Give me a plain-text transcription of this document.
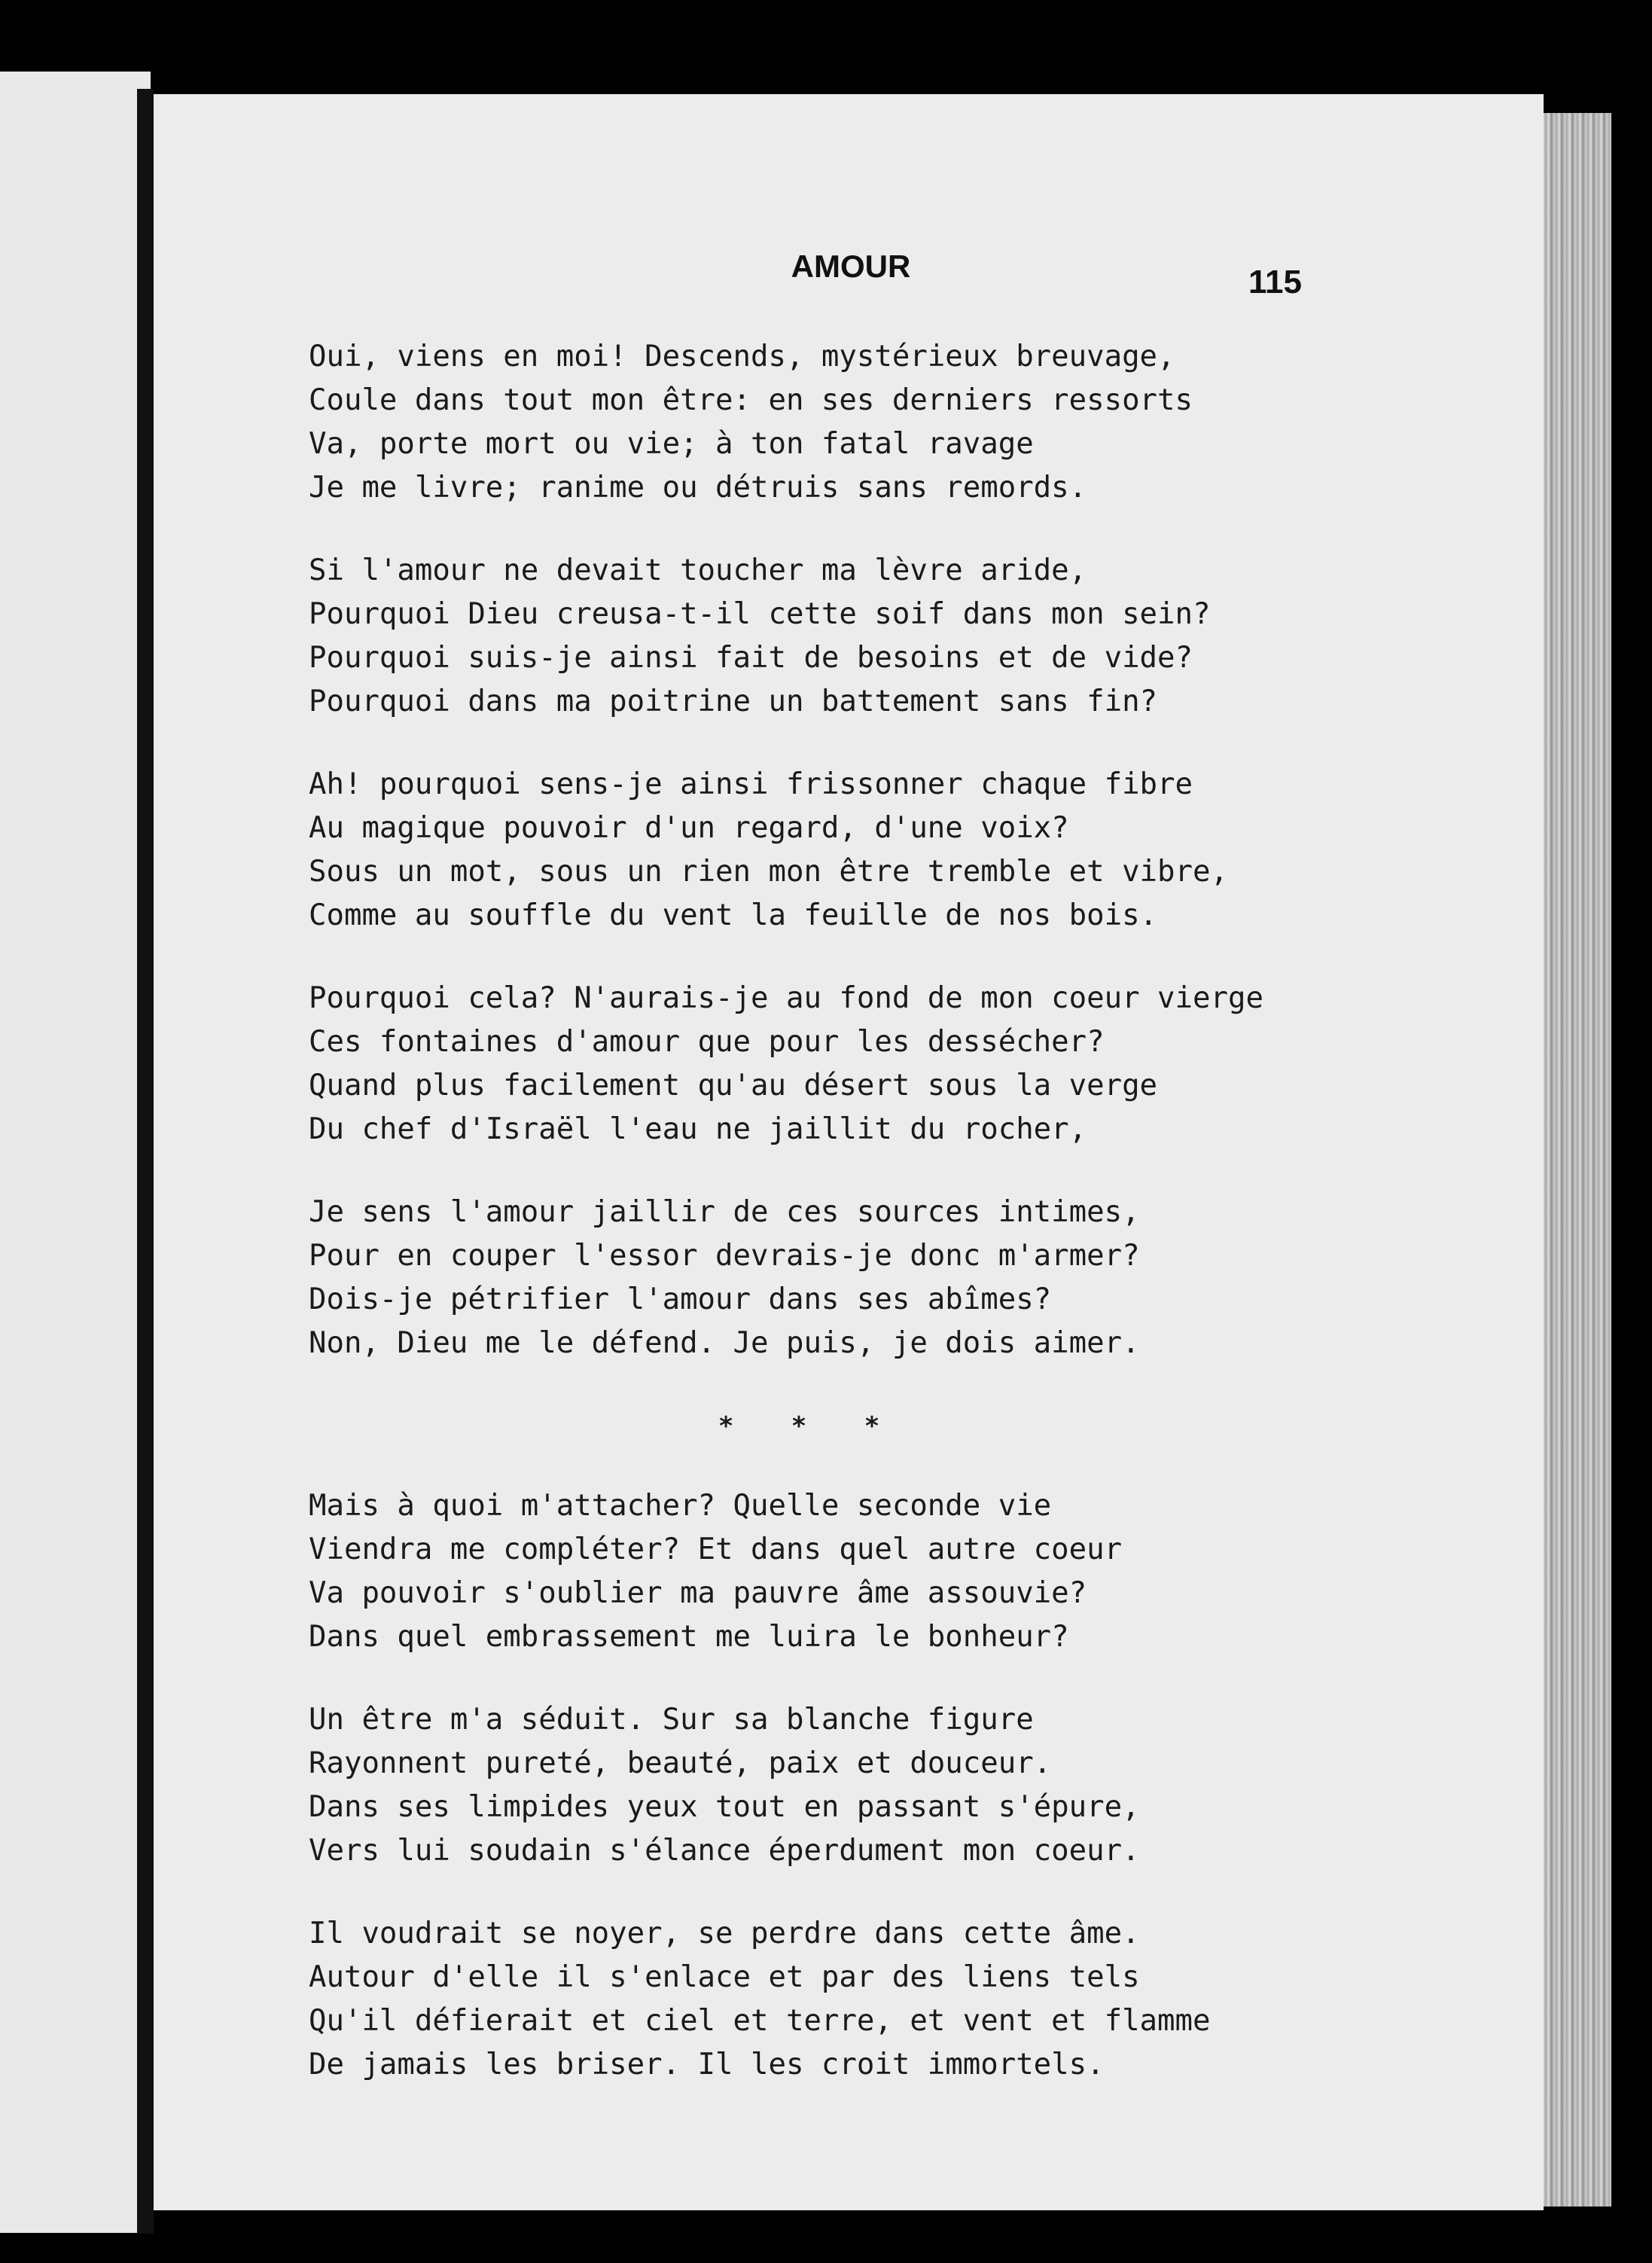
AMOUR	115
Oui, viens en moi! Descends, mystérieux breuvage,
Coule dans tout mon être: en ses derniers ressorts
Va, porte mort ou vie; à ton fatal ravage
Je me livre; ranime ou détruis sans remords.
Si l'amour ne devait toucher ma lèvre aride,
Pourquoi Dieu creusa-t-il cette soif dans mon sein?
Pourquoi suis-je ainsi fait de besoins et de vide?
Pourquoi dans ma poitrine un battement sans fin?
Ah! pourquoi sens-je ainsi frissonner chaque fibre
Au magique pouvoir d'un regard, d'une voix?
Sous un mot, sous un rien mon être tremble et vibre,
Comme au souffle du vent la feuille de nos bois.
Pourquoi cela? N'aurais-je au fond de mon coeur vierge
Ces fontaines d'amour que pour les dessécher?
Quand plus facilement qu'au désert sous la verge
Du chef d'Israël l'eau ne jaillit du rocher,
Je sens l'amour jaillir de ces sources intimes,
Pour en couper l'essor devrais-je donc m'armer?
Dois-je pétrifier l'amour dans ses abîmes?
Non, Dieu me le défend. Je puis, je dois aimer.
* * *
Mais à quoi m'attacher? Quelle seconde vie
Viendra me compléter? Et dans quel autre coeur
Va pouvoir s'oublier ma pauvre âme assouvie?
Dans quel embrassement me luira le bonheur?
Un être m'a séduit. Sur sa blanche figure
Rayonnent pureté, beauté, paix et douceur.
Dans ses limpides yeux tout en passant s'épure,
Vers lui soudain s'élance éperdument mon coeur.
Il voudrait se noyer, se perdre dans cette âme.
Autour d'elle il s'enlace et par des liens tels
Qu'il défierait et ciel et terre, et vent et flamme
De jamais les briser. Il les croit immortels.
